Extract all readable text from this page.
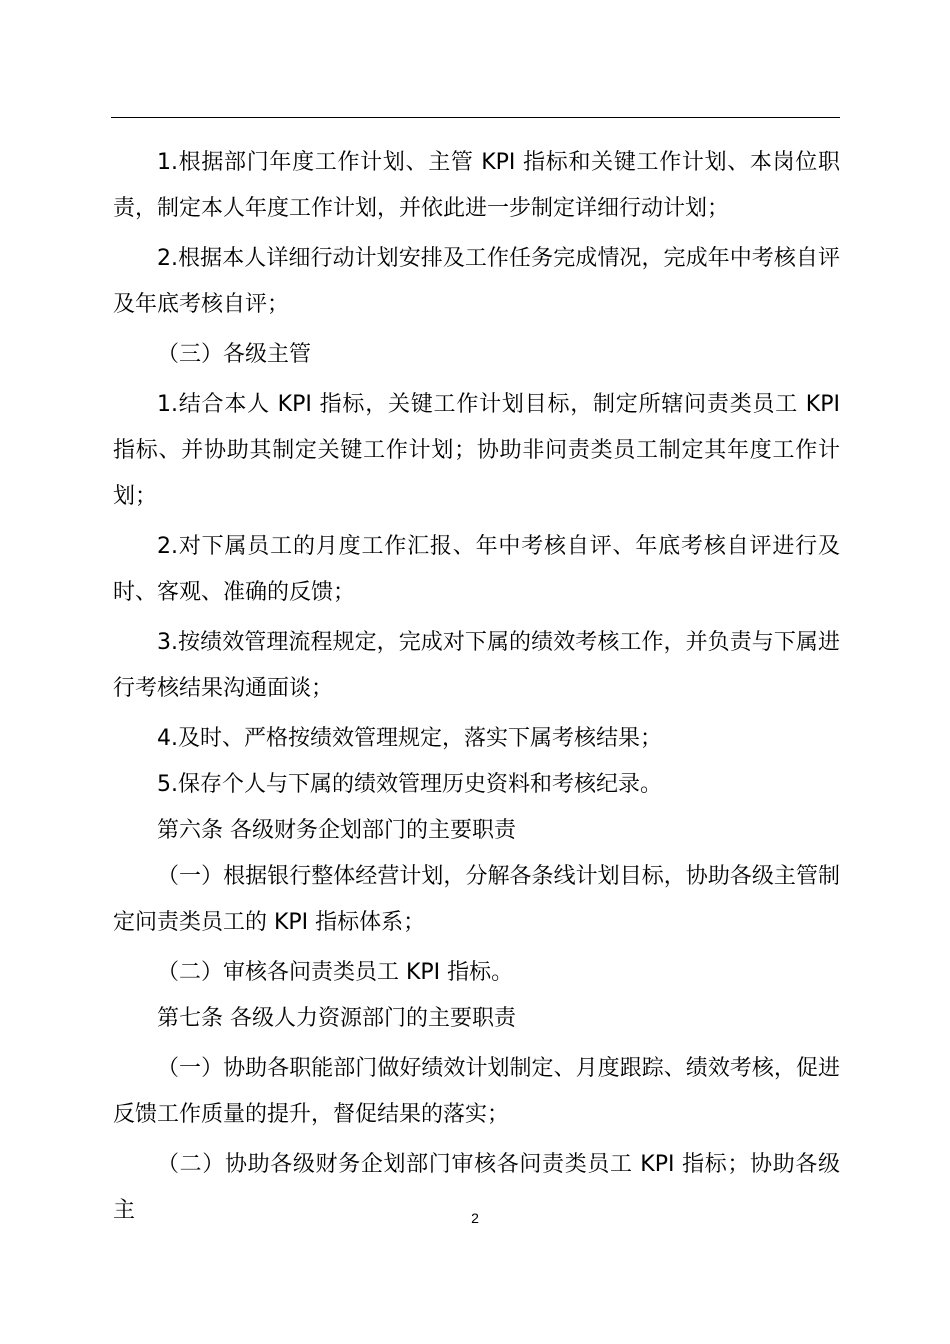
1.根据部门年度工作计划、主管 KPI 指标和关键工作计划、本岗位职责，制定本人年度工作计划，并依此进一步制定详细行动计划；

2.根据本人详细行动计划安排及工作任务完成情况，完成年中考核自评及年底考核自评；

（三）各级主管

1.结合本人 KPI 指标，关键工作计划目标，制定所辖问责类员工 KPI 指标、并协助其制定关键工作计划；协助非问责类员工制定其年度工作计划；

2.对下属员工的月度工作汇报、年中考核自评、年底考核自评进行及时、客观、准确的反馈；

3.按绩效管理流程规定，完成对下属的绩效考核工作，并负责与下属进行考核结果沟通面谈；

4.及时、严格按绩效管理规定，落实下属考核结果；

5.保存个人与下属的绩效管理历史资料和考核纪录。

第六条 各级财务企划部门的主要职责

（一）根据银行整体经营计划，分解各条线计划目标，协助各级主管制定问责类员工的 KPI 指标体系；

（二）审核各问责类员工 KPI 指标。

第七条 各级人力资源部门的主要职责

（一）协助各职能部门做好绩效计划制定、月度跟踪、绩效考核，促进反馈工作质量的提升，督促结果的落实；

（二）协助各级财务企划部门审核各问责类员工 KPI 指标；协助各级主	2
